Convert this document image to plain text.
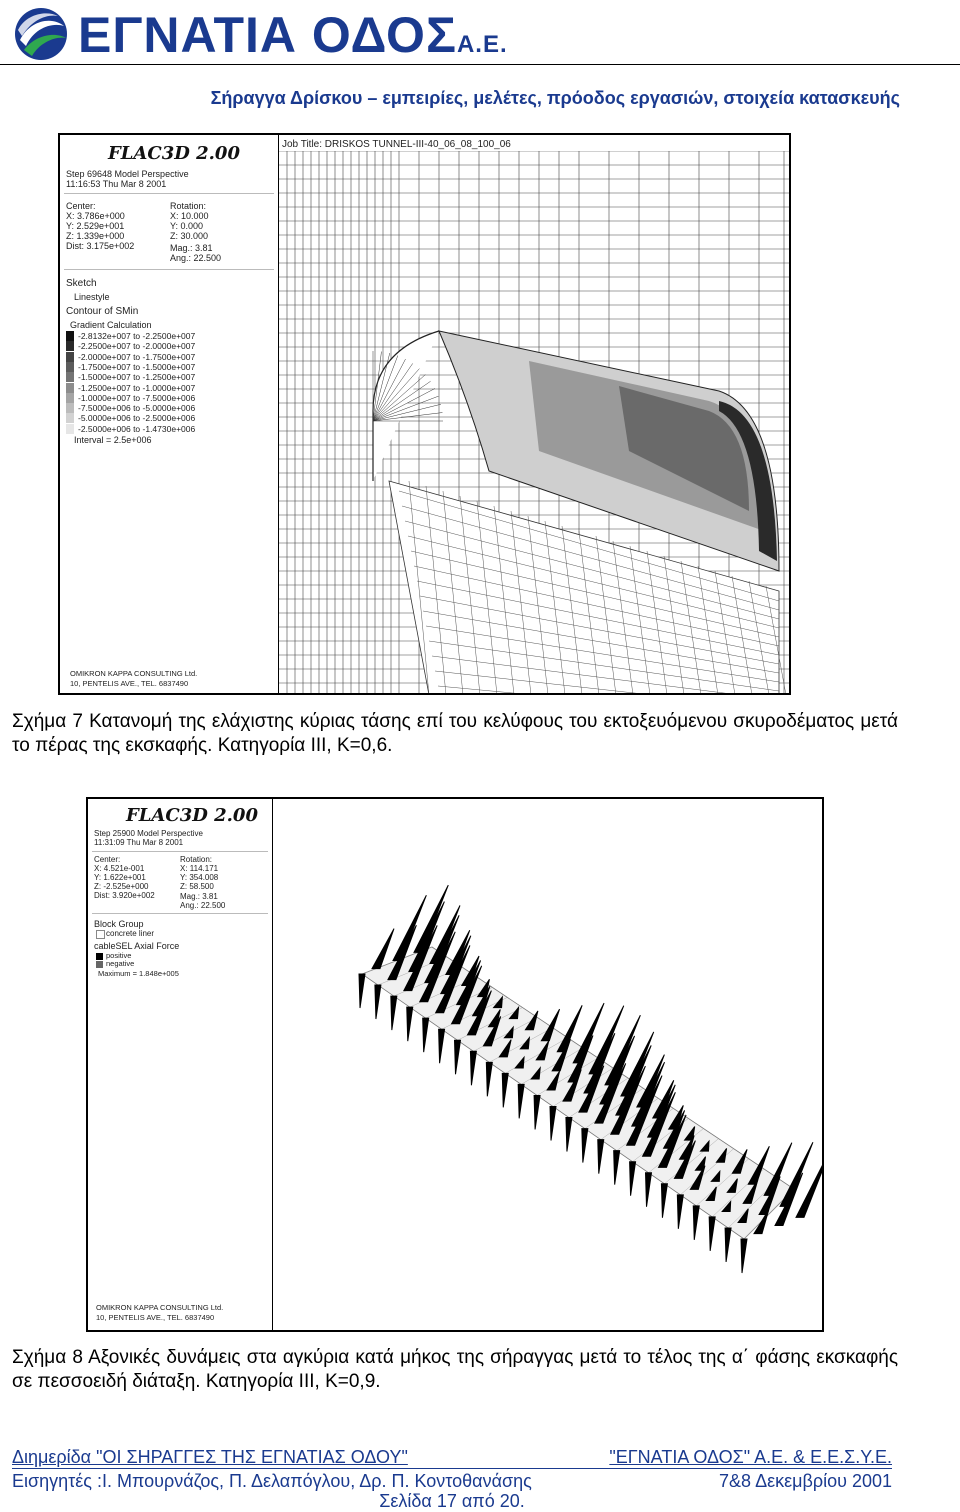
ΕΓΝΑΤΙΑ ΟΔΟΣΑ.Ε.
Σήραγγα Δρίσκου – εμπειρίες, μελέτες, πρόοδος εργασιών, στοιχεία κατασκευής
FLAC3D 2.00
Step 69648 Model Perspective
11:16:53 Thu Mar 8 2001
Center:
X: 3.786e+000
Y: 2.529e+001
Z: 1.339e+000
Dist: 3.175e+002
Rotation:
X: 10.000
Y: 0.000
Z: 30.000
Mag.: 3.81
Ang.: 22.500
Sketch
Linestyle
Contour of SMin
Gradient Calculation
-2.8132e+007 to -2.2500e+007
-2.2500e+007 to -2.0000e+007
-2.0000e+007 to -1.7500e+007
-1.7500e+007 to -1.5000e+007
-1.5000e+007 to -1.2500e+007
-1.2500e+007 to -1.0000e+007
-1.0000e+007 to -7.5000e+006
-7.5000e+006 to -5.0000e+006
-5.0000e+006 to -2.5000e+006
-2.5000e+006 to -1.4730e+006
Interval = 2.5e+006
OMIKRON KAPPA CONSULTING Ltd.
10, PENTELIS AVE., TEL. 6837490
Job Title: DRISKOS TUNNEL-III-40_06_08_100_06
Σχήμα 7 Κατανομή της ελάχιστης κύριας τάσης επί του κελύφους του εκτοξευόμενου σκυροδέματος μετά το πέρας της εκσκαφής. Κατηγορία ΙΙΙ, Κ=0,6.
FLAC3D 2.00
Step 25900 Model Perspective
11:31:09 Thu Mar 8 2001
Center:
X: 4.521e-001
Y: 1.622e+001
Z: -2.525e+000
Dist: 3.920e+002
Rotation:
X: 114.171
Y: 354.008
Z: 58.500
Mag.: 3.81
Ang.: 22.500
Block Group
concrete liner
cableSEL Axial Force
positive
negative
Maximum = 1.848e+005
OMIKRON KAPPA CONSULTING Ltd.
10, PENTELIS AVE., TEL. 6837490
Σχήμα 8 Αξονικές δυνάμεις στα αγκύρια κατά μήκος της σήραγγας μετά το τέλος της α΄ φάσης εκσκαφής σε πεσσοειδή διάταξη. Κατηγορία ΙΙΙ, Κ=0,9.
Διημερίδα "ΟΙ ΣΗΡΑΓΓΕΣ ΤΗΣ ΕΓΝΑΤΙΑΣ ΟΔΟΥ"	"ΕΓΝΑΤΙΑ ΟΔΟΣ" Α.Ε. & Ε.Ε.Σ.Υ.Ε.
Εισηγητές :Ι. Μπουρνάζος, Π. Δελαπόγλου, Δρ. Π. Κοντοθανάσης	7&8 Δεκεμβρίου 2001
Σελίδα 17 από 20.
